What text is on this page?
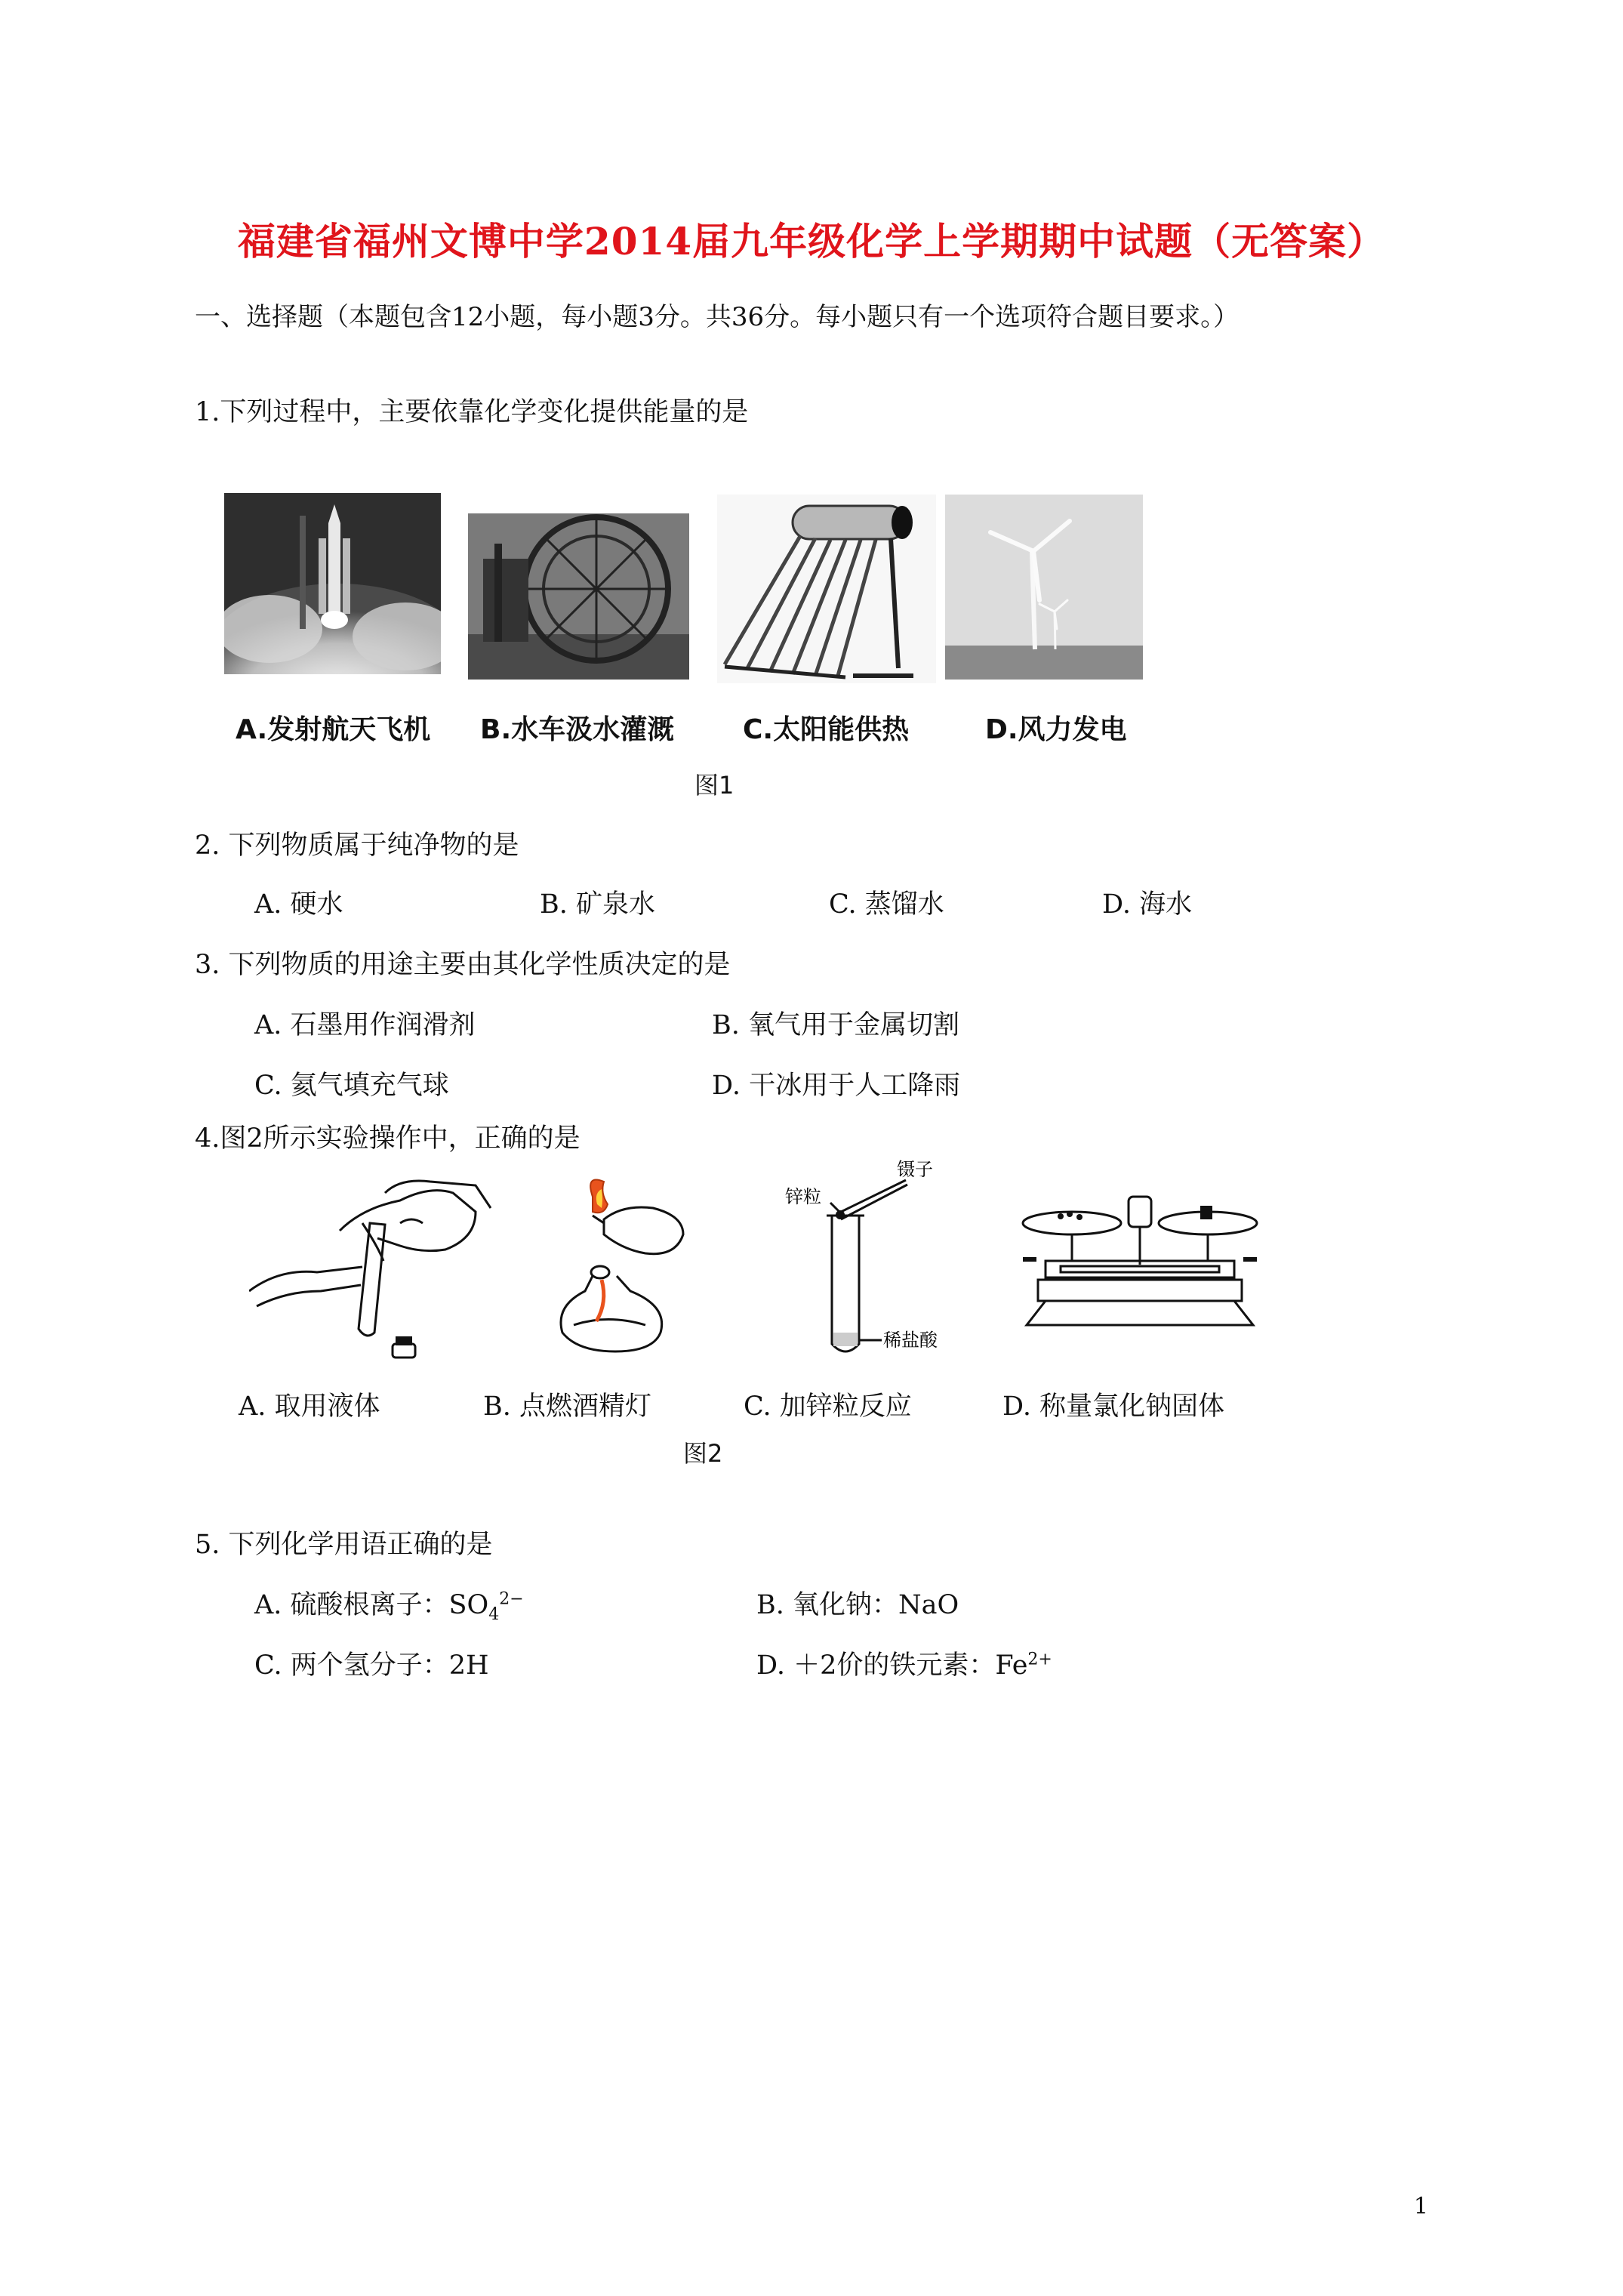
福建省福州文博中学2014届九年级化学上学期期中试题（无答案）
一、选择题（本题包含12小题，每小题3分。共36分。每小题只有一个选项符合题目要求。）
1.下列过程中，主要依靠化学变化提供能量的是
A.发射航天飞机 B.水车汲水灌溉	C.太阳能供热	D.风力发电
图1
2. 下列物质属于纯净物的是
A. 硬水	B. 矿泉水	C. 蒸馏水	D. 海水
3. 下列物质的用途主要由其化学性质决定的是
A. 石墨用作润滑剂	B. 氧气用于金属切割
C. 氦气填充气球	D. 干冰用于人工降雨
4.图2所示实验操作中，正确的是
镊子
锌粒
稀盐酸
A. 取用液体	B. 点燃酒精灯	C. 加锌粒反应	D. 称量氯化钠固体
图2
5. 下列化学用语正确的是
A. 硫酸根离子：$SO_4^{2-}$	B. 氧化钠：NaO
C. 两个氢分子：2H	D. ＋2价的铁元素：$Fe^{2+}$
1
